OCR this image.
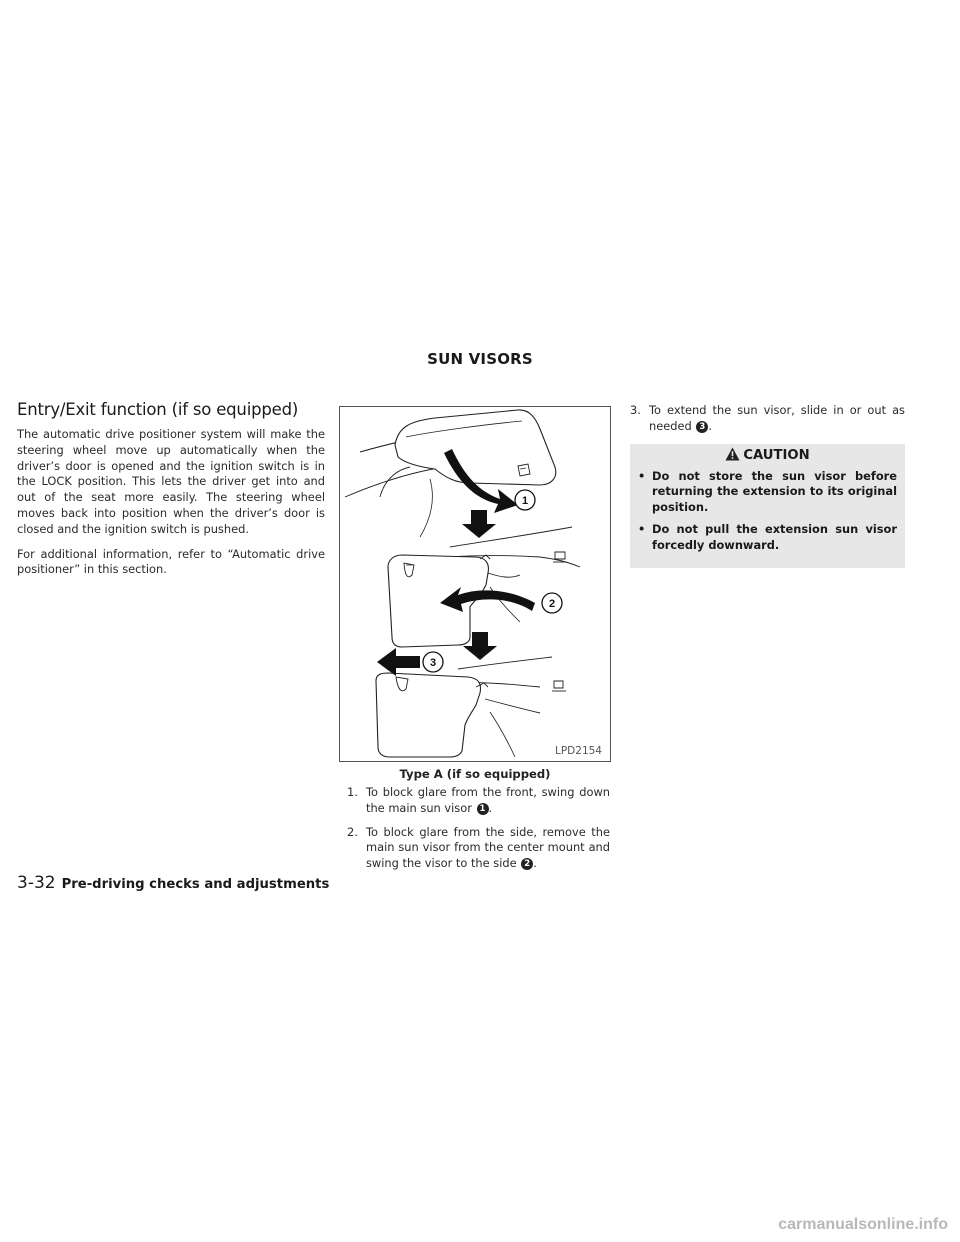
SUN VISORS
Entry/Exit function (if so equipped)

The automatic drive positioner system will make the steering wheel move up automatically when the driver’s door is opened and the ignition switch is in the LOCK position. This lets the driver get into and out of the seat more easily. The steering wheel moves back into position when the driver’s door is closed and the ignition switch is pushed.

For additional information, refer to “Automatic drive positioner” in this section.

1
2
3
LPD2154
Type A (if so equipped)
1. To block glare from the front, swing down the main sun visor 1 .
2. To block glare from the side, remove the main sun visor from the center mount and swing the visor to the side 2 .
3. To extend the sun visor, slide in or out as needed 3 .
CAUTION
• Do not store the sun visor before returning the extension to its original position.
• Do not pull the extension sun visor forcedly downward.
3-32 Pre-driving checks and adjustments
carmanualsonline.info
